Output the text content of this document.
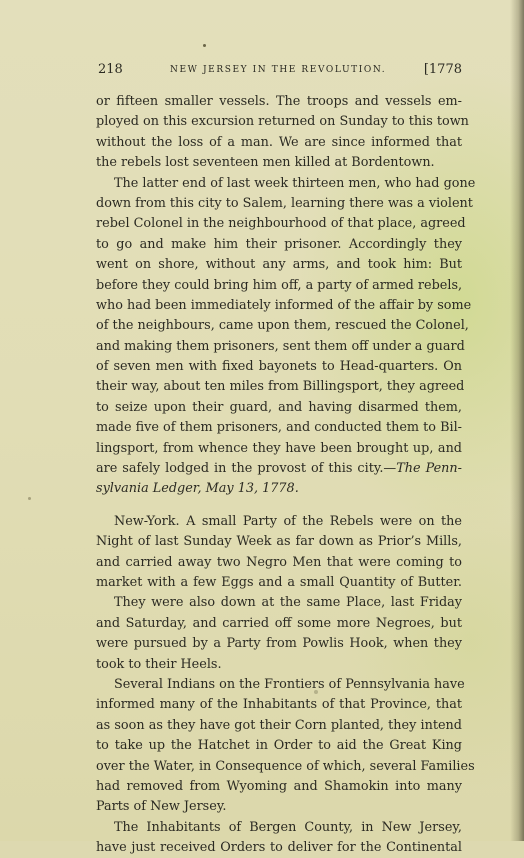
218	NEW JERSEY IN THE REVOLUTION.	[1778
or fifteen smaller vessels. The troops and vessels em-
ployed on this excursion returned on Sunday to this town
without the loss of a man. We are since informed that
the rebels lost seventeen men killed at Bordentown.
The latter end of last week thirteen men, who had gone
down from this city to Salem, learning there was a violent
rebel Colonel in the neighbourhood of that place, agreed
to go and make him their prisoner. Accordingly they
went on shore, without any arms, and took him: But
before they could bring him off, a party of armed rebels,
who had been immediately informed of the affair by some
of the neighbours, came upon them, rescued the Colonel,
and making them prisoners, sent them off under a guard
of seven men with fixed bayonets to Head-quarters. On
their way, about ten miles from Billingsport, they agreed
to seize upon their guard, and having disarmed them,
made five of them prisoners, and conducted them to Bil-
lingsport, from whence they have been brought up, and
are safely lodged in the provost of this city.—The Penn-
sylvania Ledger, May 13, 1778.
New-York. A small Party of the Rebels were on the
Night of last Sunday Week as far down as Prior’s Mills,
and carried away two Negro Men that were coming to
market with a few Eggs and a small Quantity of Butter.
They were also down at the same Place, last Friday
and Saturday, and carried off some more Negroes, but
were pursued by a Party from Powlis Hook, when they
took to their Heels.
Several Indians on the Frontiers of Pennsylvania have
informed many of the Inhabitants of that Province, that
as soon as they have got their Corn planted, they intend
to take up the Hatchet in Order to aid the Great King
over the Water, in Consequence of which, several Families
had removed from Wyoming and Shamokin into many
Parts of New Jersey.
The Inhabitants of Bergen County, in New Jersey,
have just received Orders to deliver for the Continental
